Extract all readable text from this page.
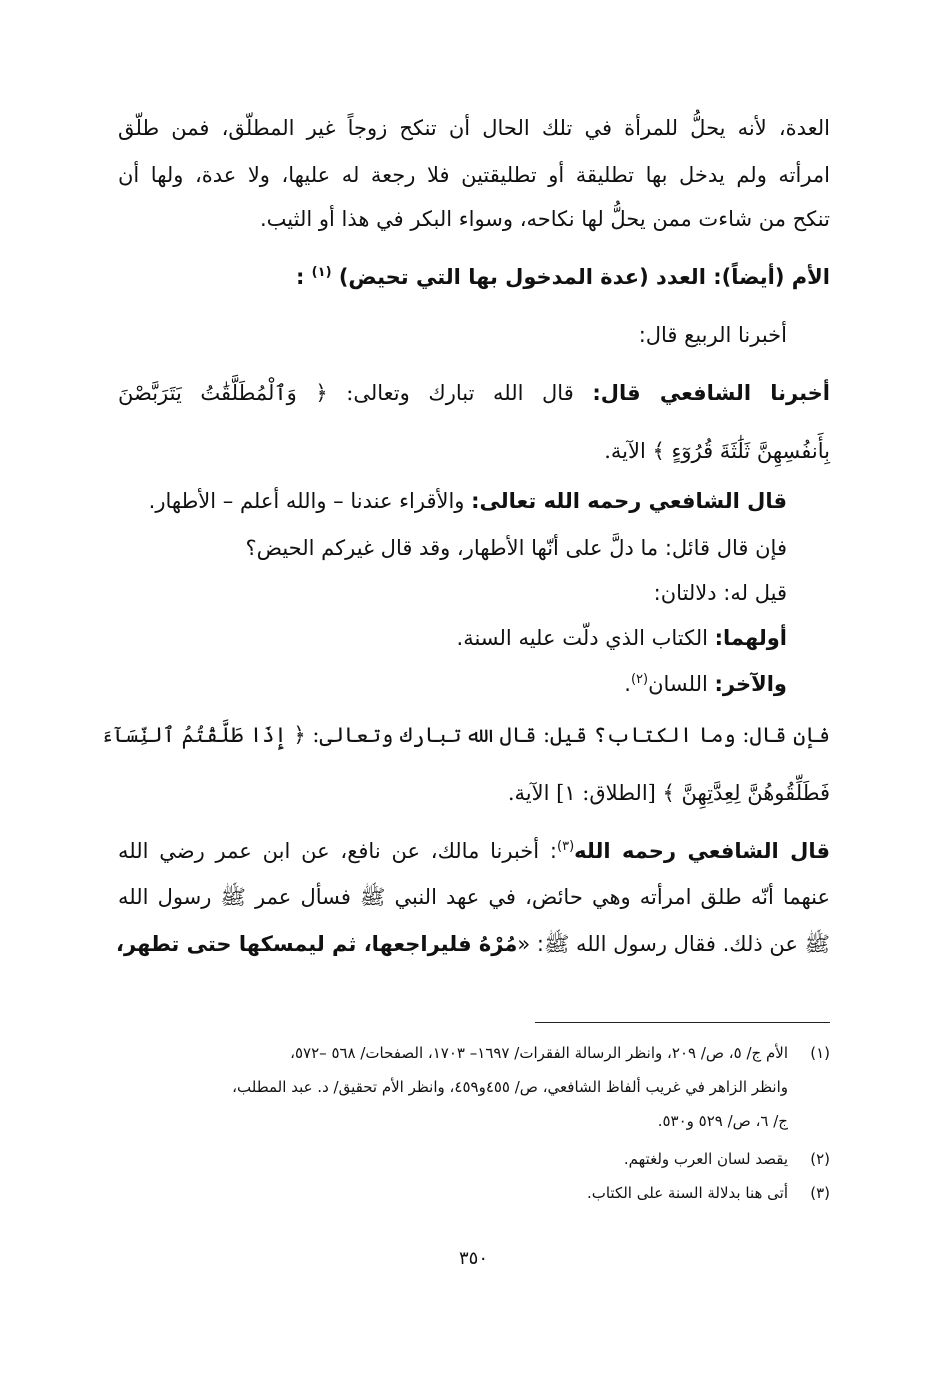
العدة، لأنه يحلُّ للمرأة في تلك الحال أن تنكح زوجاً غير المطلّق، فمن طلّق
امرأته ولم يدخل بها تطليقة أو تطليقتين فلا رجعة له عليها، ولا عدة، ولها أن
تنكح من شاءت ممن يحلُّ لها نكاحه، وسواء البكر في هذا أو الثيب.
الأم (أيضاً): العدد (عدة المدخول بها التي تحيض) $^{(١)}$ :
أخبرنا الربيع قال:
أخبرنا الشافعي قال: قال الله تبارك وتعالى: ﴿ وَٱلْمُطَلَّقَٰتُ يَتَرَبَّصْنَ
بِأَنفُسِهِنَّ ثَلَٰثَةَ قُرُوٓءٍ ﴾ الآية.
قال الشافعي رحمه الله تعالى: والأقراء عندنا – والله أعلم – الأطهار.
فإن قال قائل: ما دلَّ على أنّها الأطهار، وقد قال غيركم الحيض؟
قيل له: دلالتان:
أولهما: الكتاب الذي دلّت عليه السنة.
والآخر: اللسان$^{(٢)}$.
فإن قال: وما الكتاب؟ قيل: قال الله تبارك وتعالى: ﴿ إِذَا طَلَّقْتُمُ ٱلنِّسَآءَ
فَطَلِّقُوهُنَّ لِعِدَّتِهِنَّ ﴾ [الطلاق: ١] الآية.
قال الشافعي رحمه الله$^{(٣)}$: أخبرنا مالك، عن نافع، عن ابن عمر رضي الله
عنهما أنّه طلق امرأته وهي حائض، في عهد النبي ﷺ فسأل عمر ﷺ رسول الله
ﷺ عن ذلك. فقال رسول الله ﷺ: «مُرْهُ فليراجعها، ثم ليمسكها حتى تطهر،
(١)الأم ج/ ٥، ص/ ٢٠٩، وانظر الرسالة الفقرات/ ١٦٩٧– ١٧٠٣، الصفحات/ ٥٦٨ –٥٧٢،
وانظر الزاهر في غريب ألفاظ الشافعي، ص/ ٤٥٥و٤٥٩، وانظر الأم تحقيق/ د. عبد المطلب،
ج/ ٦، ص/ ٥٢٩ و٥٣٠.
(٢)يقصد لسان العرب ولغتهم.
(٣)أتى هنا بدلالة السنة على الكتاب.
٣٥٠
